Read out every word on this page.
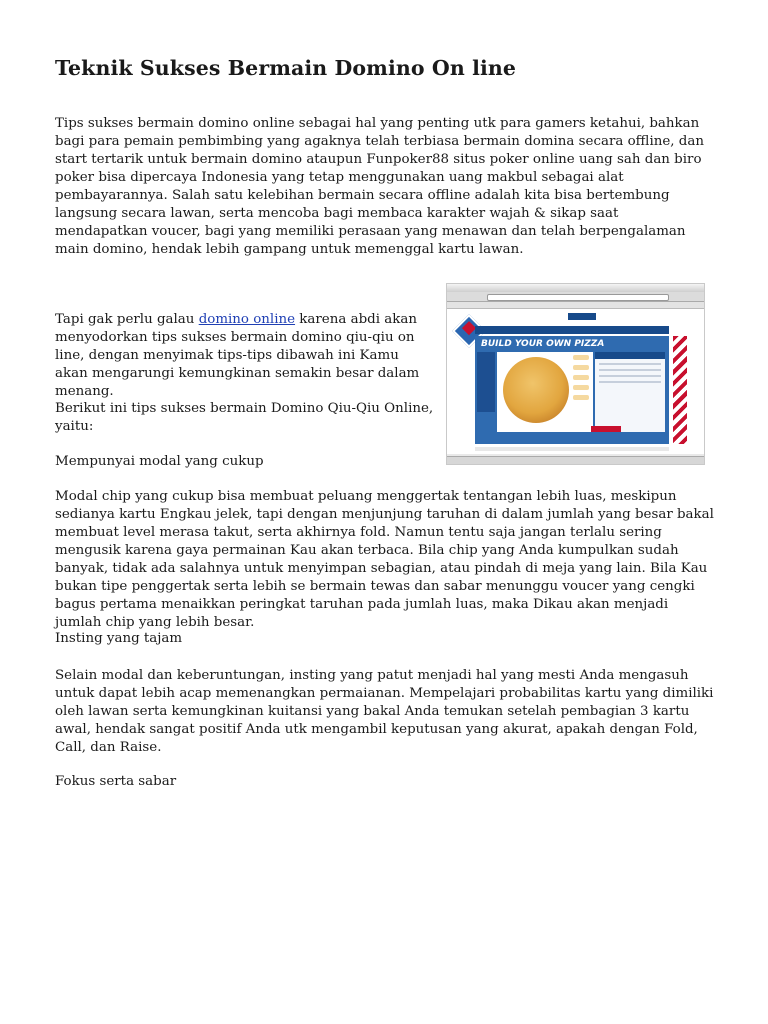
Teknik Sukses Bermain Domino On line

Tips sukses bermain domino online sebagai hal yang penting utk para gamers ketahui, bahkan bagi para pemain pembimbing yang agaknya telah terbiasa bermain domina secara offline, dan start tertarik untuk bermain domino ataupun Funpoker88 situs poker online uang sah dan biro poker bisa dipercaya Indonesia yang tetap menggunakan uang makbul sebagai alat pembayarannya. Salah satu kelebihan bermain secara offline adalah kita bisa bertembung langsung secara lawan, serta mencoba bagi membaca karakter wajah & sikap saat mendapatkan voucer, bagi yang memiliki perasaan yang menawan dan telah berpengalaman main domino, hendak lebih gampang untuk memenggal kartu lawan.

Tapi gak perlu galau domino online karena abdi akan menyodorkan tips sukses bermain domino qiu-qiu on line, dengan menyimak tips-tips dibawah ini Kamu akan mengarungi kemungkinan semakin besar dalam menang.

Berikut ini tips sukses bermain Domino Qiu-Qiu Online, yaitu:

Mempunyai modal yang cukup

Modal chip yang cukup bisa membuat peluang menggertak tentangan lebih luas, meskipun sedianya kartu Engkau jelek, tapi dengan menjunjung taruhan di dalam jumlah yang besar bakal membuat level merasa takut, serta akhirnya fold. Namun tentu saja jangan terlalu sering mengusik karena gaya permainan Kau akan terbaca. Bila chip yang Anda kumpulkan sudah banyak, tidak ada salahnya untuk menyimpan sebagian, atau pindah di meja yang lain. Bila Kau bukan tipe penggertak serta lebih se bermain tewas dan sabar menunggu voucer yang cengki bagus pertama menaikkan peringkat taruhan pada jumlah luas, maka Dikau akan menjadi jumlah chip yang lebih besar.

Insting yang tajam

Selain modal dan keberuntungan, insting yang patut menjadi hal yang mesti Anda mengasuh untuk dapat lebih acap memenangkan permaianan. Mempelajari probabilitas kartu yang dimiliki oleh lawan serta kemungkinan kuitansi yang bakal Anda temukan setelah pembagian 3 kartu awal, hendak sangat positif Anda utk mengambil keputusan yang akurat, apakah dengan Fold, Call, dan Raise.

Fokus serta sabar

BUILD YOUR OWN PIZZA
